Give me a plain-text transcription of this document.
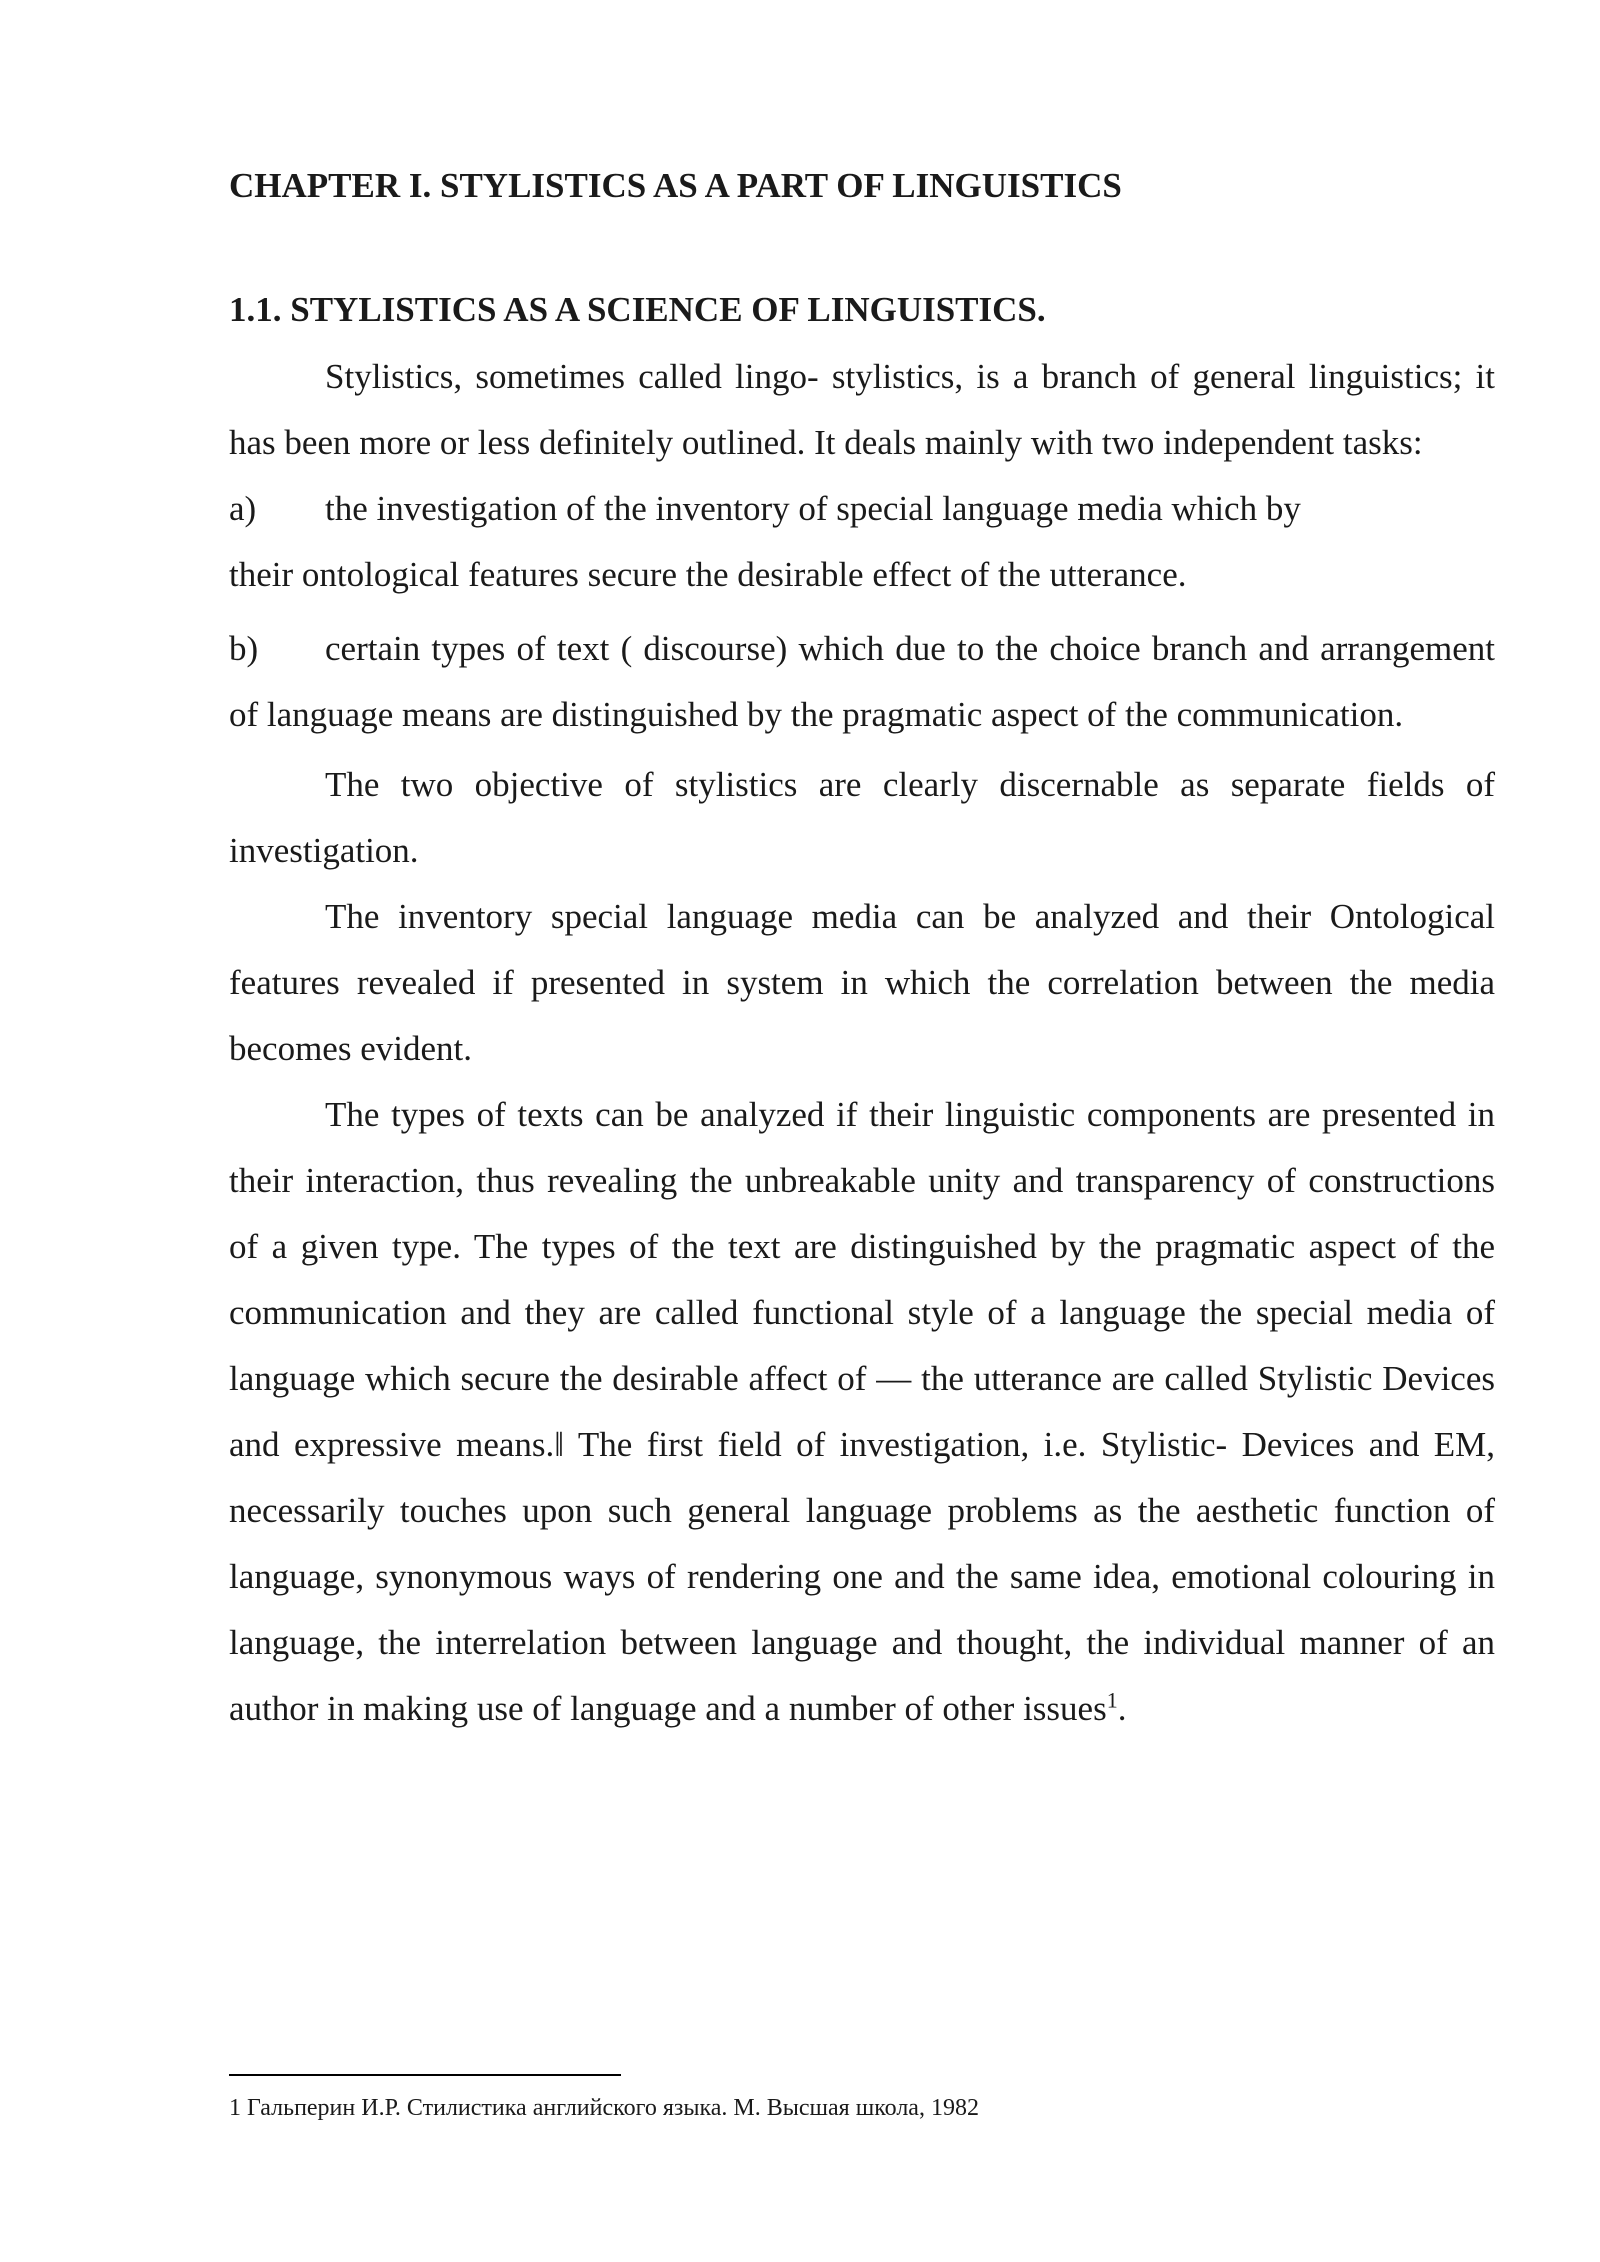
CHAPTER I. STYLISTICS AS A PART OF LINGUISTICS
1.1. STYLISTICS AS A SCIENCE OF LINGUISTICS.

Stylistics, sometimes called lingo- stylistics, is a branch of general linguistics; it has been more or less definitely outlined. It deals mainly with two independent tasks:

a) the investigation of the inventory of special language media which by
their ontological features secure the desirable effect of the utterance.

b) certain types of text ( discourse) which due to the choice branch and arrangement of language means are distinguished by the pragmatic aspect of the communication.

The two objective of stylistics are clearly discernable as separate fields of investigation.

The inventory special language media can be analyzed and their Ontological features revealed if presented in system in which the correlation between the media becomes evident.

The types of texts can be analyzed if their linguistic components are presented in their interaction, thus revealing the unbreakable unity and transparency of constructions of a given type. The types of the text are distinguished by the pragmatic aspect of the communication and they are called functional style of a language the special media of language which secure the desirable affect of — the utterance are called Stylistic Devices and expressive means.‖ The first field of investigation, i.e. Stylistic- Devices and EM, necessarily touches upon such general language problems as the aesthetic function of language, synonymous ways of rendering one and the same idea, emotional colouring in language, the interrelation between language and thought, the individual manner of an author in making use of language and a number of other issues$^1$.

1 Гальперин И.Р. Стилистика английского языка. М. Высшая школа, 1982
